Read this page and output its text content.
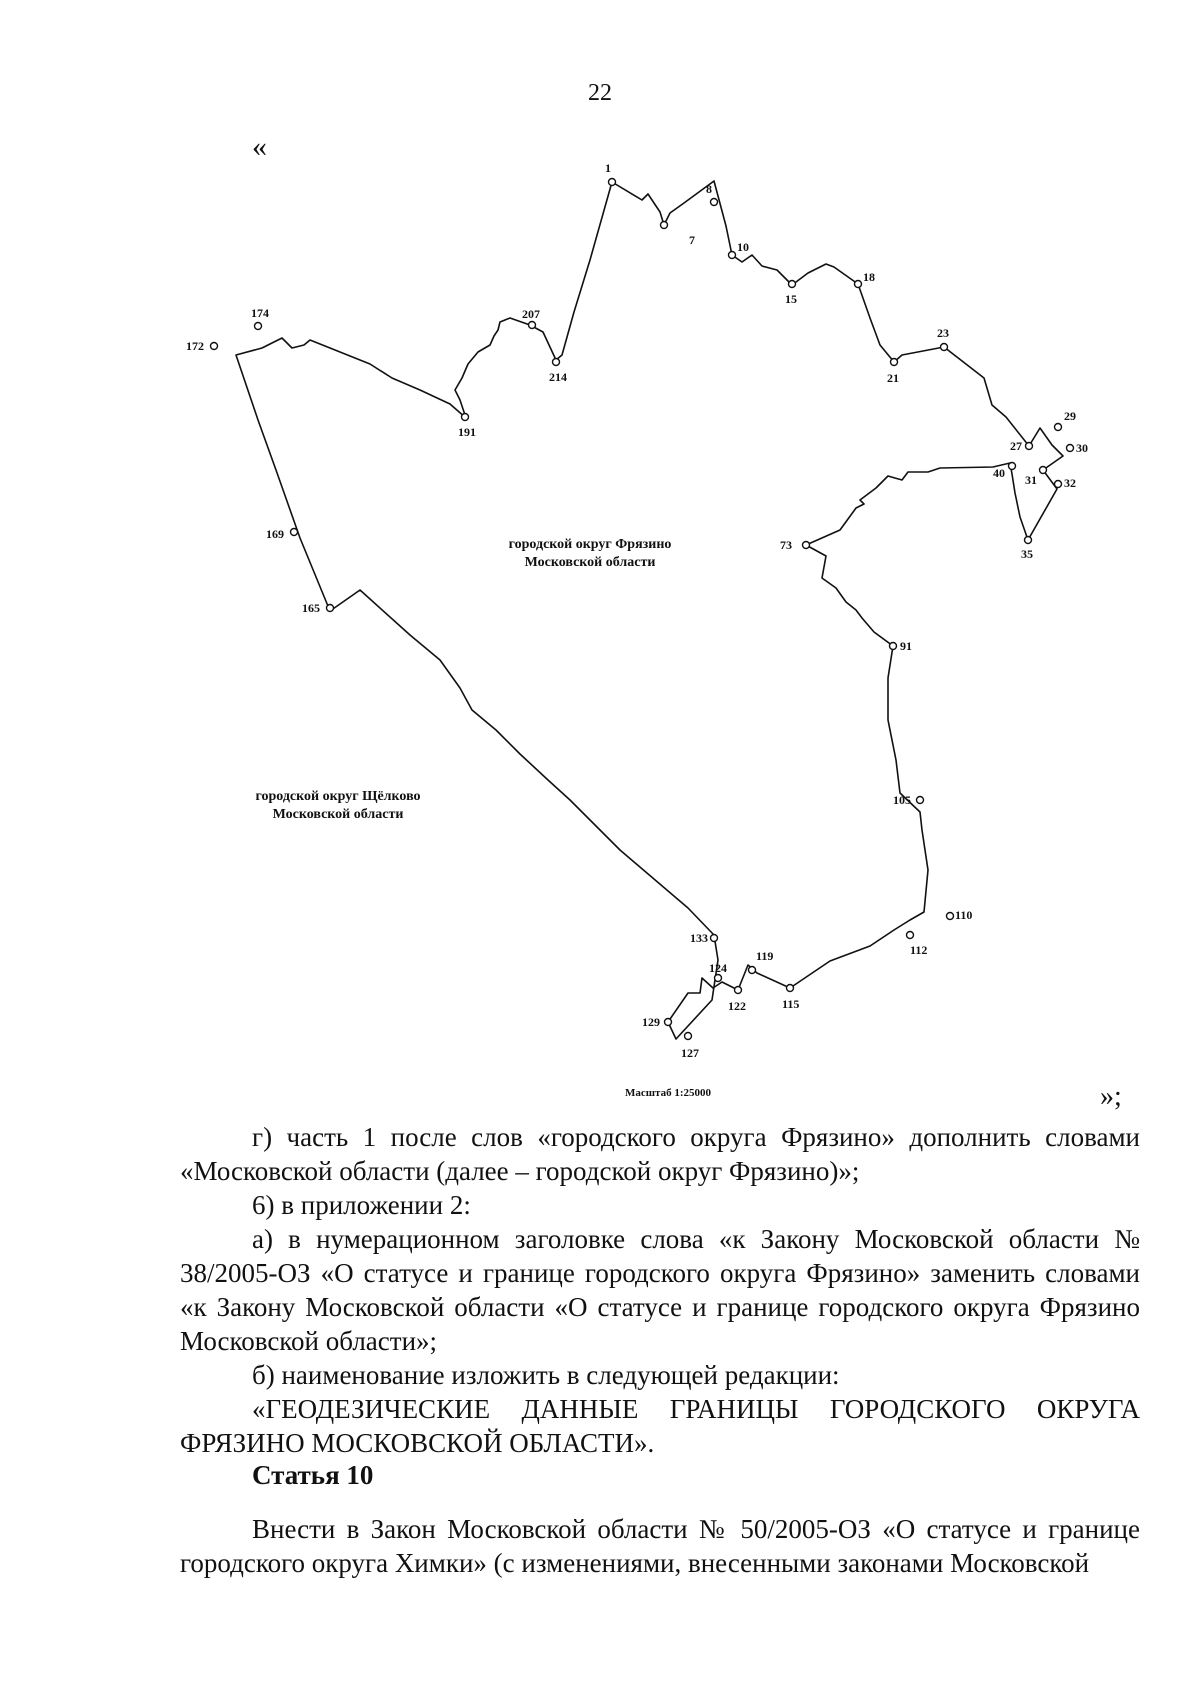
22
«
1
7
8
10
15
18
21
23
27
29
30
31 32
35
40
73
91
105
110
112
115
119
122
124
127
129
133
165
169
172
174
191
207
214
городской округ Фрязино
Московской области
городской округ Щёлково
Московской области
Масштаб 1:25000	»;

г) часть 1 после слов «городского округа Фрязино» дополнить словами «Московской области (далее – городской округ Фрязино)»;

6) в приложении 2:

а) в нумерационном заголовке слова «к Закону Московской области № 38/2005-ОЗ «О статусе и границе городского округа Фрязино» заменить словами «к Закону Московской области «О статусе и границе городского округа Фрязино Московской области»;

б) наименование изложить в следующей редакции:

«ГЕОДЕЗИЧЕСКИЕ ДАННЫЕ ГРАНИЦЫ ГОРОДСКОГО ОКРУГА ФРЯЗИНО МОСКОВСКОЙ ОБЛАСТИ».

Статья 10

Внести в Закон Московской области № 50/2005-ОЗ «О статусе и границе городского округа Химки» (с изменениями, внесенными законами Московской
